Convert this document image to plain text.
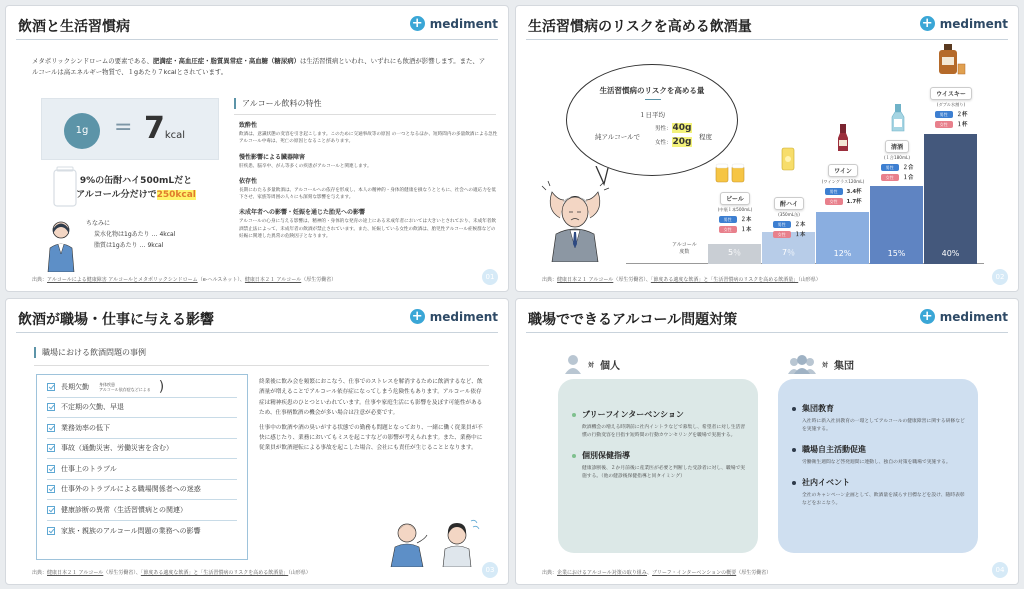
飲酒と生活習慣病	+ mediment
メタボリックシンドロームの要素である、肥満症・高血圧症・脂質異常症・高血糖（糖尿病）は生活習慣病といわれ、いずれにも飲酒が影響します。また、アルコールは高エネルギー物質で、１gあたり７kcalとされています。
1g	= 7kcal
9%の缶酎ハイ500mLだと
アルコール分だけで250kcal
ちなみに
炭水化物は1gあたり … 4kcal
脂質は1gあたり … 9kcal
アルコール飲料の特性
致酔性
飲酒は、意識状態の変容を引き起こします。このために交通事故等の原因 の一つとなるほか、短時間内の多量飲酒による急性アルコール中毒は、死亡の原因となることがあります。
慢性影響による臓器障害
肝疾患、脳卒中、がん等多くの疾患がアルコールと関連します。
依存性
長期にわたる多量飲酒は、アルコールへの依存を形成し、本人の精神的・身体的健康を損なうとともに、社会への適応力を低下させ、家族等周囲の人々にも深刻な影響を与えます。
未成年者への影響・妊娠を通じた胎児への影響
アルコールの心身に与える影響は、精神的・身体的な発育の途上にある未成年者においては大きいとされており、未成年者飲酒禁止法によって、未成年者の飲酒が禁止されています。また、妊娠している女性の飲酒は、胎児性アルコール症候群などの妊娠に関連した異常の危険因子となります。
出典：アルコールによる健康障害 アルコールとメタボリックシンドローム（e-ヘルスネット）、健康日本２１ アルコール（厚生労働省）	01
生活習慣病のリスクを高める飲酒量	+ mediment
生活習慣病のリスクを高める量
１日平均
純アルコールで
男性：40g
女性：20g 程度
アルコール
度数
出典：健康日本２１ アルコール（厚生労働省）、「節度ある適度な飲酒」と「生活習慣病のリスクを高める飲酒量」（山形県）	02
5％
ビール
(中瓶１本500mL)
男性	２本
女性	１本
7％
酎ハイ
(350mL缶)
男性	２本
女性	１本
12%
ワイン
(ワイングラス120mL)
男性	3.4杯
女性	1.7杯
15%
清酒
(１合180mL)
男性	２合
女性	１合
40%
ウイスキー
(ダブル水割り)
男性	２杯
女性	１杯
飲酒が職場・仕事に与える影響	+ mediment
職場における飲酒問題の事例
長期欠勤	身体疾患
アルコール依存症などによる )
不定期の欠勤、早退
業務効率の低下
事故（通勤災害、労働災害を含む）
仕事上のトラブル
仕事外のトラブルによる職場関係者への迷惑
健康診断の異常（生活習慣病との関連）
家族・親族のアルコール問題の業務への影響

終業後に飲み会を頻繁におこなう、仕事でのストレスを解消するために飲酒するなど、飲酒量が増えることでアルコール依存症になってしまう危険性もあります。アルコール依存症は精神疾患のひとつといわれています。仕事や家庭生活にも影響を及ぼす可能性があるため、仕事柄飲酒の機会が多い場合は注意が必要です。

仕事中の飲酒や酒の臭いがする状態での勤務も問題となっており、一緒に働く従業員が不快に感じたり、業務においてもミスを起こすなどの影響が考えられます。また、業務中に従業員が飲酒運転による事故を起こした場合、会社にも責任が生じることとなります。

出典：健康日本２１ アルコール（厚生労働省）、「節度ある適度な飲酒」と「生活習慣病のリスクを高める飲酒量」（山形県）	03
職場でできるアルコール問題対策	+ mediment
対 個人	対 集団
ブリーフインターベンション
飲酒機会の増える時期前に社内イントラなどで募集し、希望者に対し生活習慣の行動変容を目指す短時間の行動カウンセリングを職場で実施する。
個別保健指導
健康診断後、２か月前後に産業医が必要と判断した受診者に対し、職場で実施する。（他の健診後保健指導と同タイミング）
集団教育
入社時に新入社員教育の一環としてアルコールの健康障害に関する研修などを実施する。
職場自主活動促進
労働衛生週間など啓発週間に連動し、独自の対策を職場で実施する。
社内イベント
全社のキャンペーン企画として、飲酒量を減らす目標などを設け、随時表彰などをおこなう。
出典：企業におけるアルコール対策の取り組み、ブリーフ・インターベンションの概要（厚生労働省）	04
